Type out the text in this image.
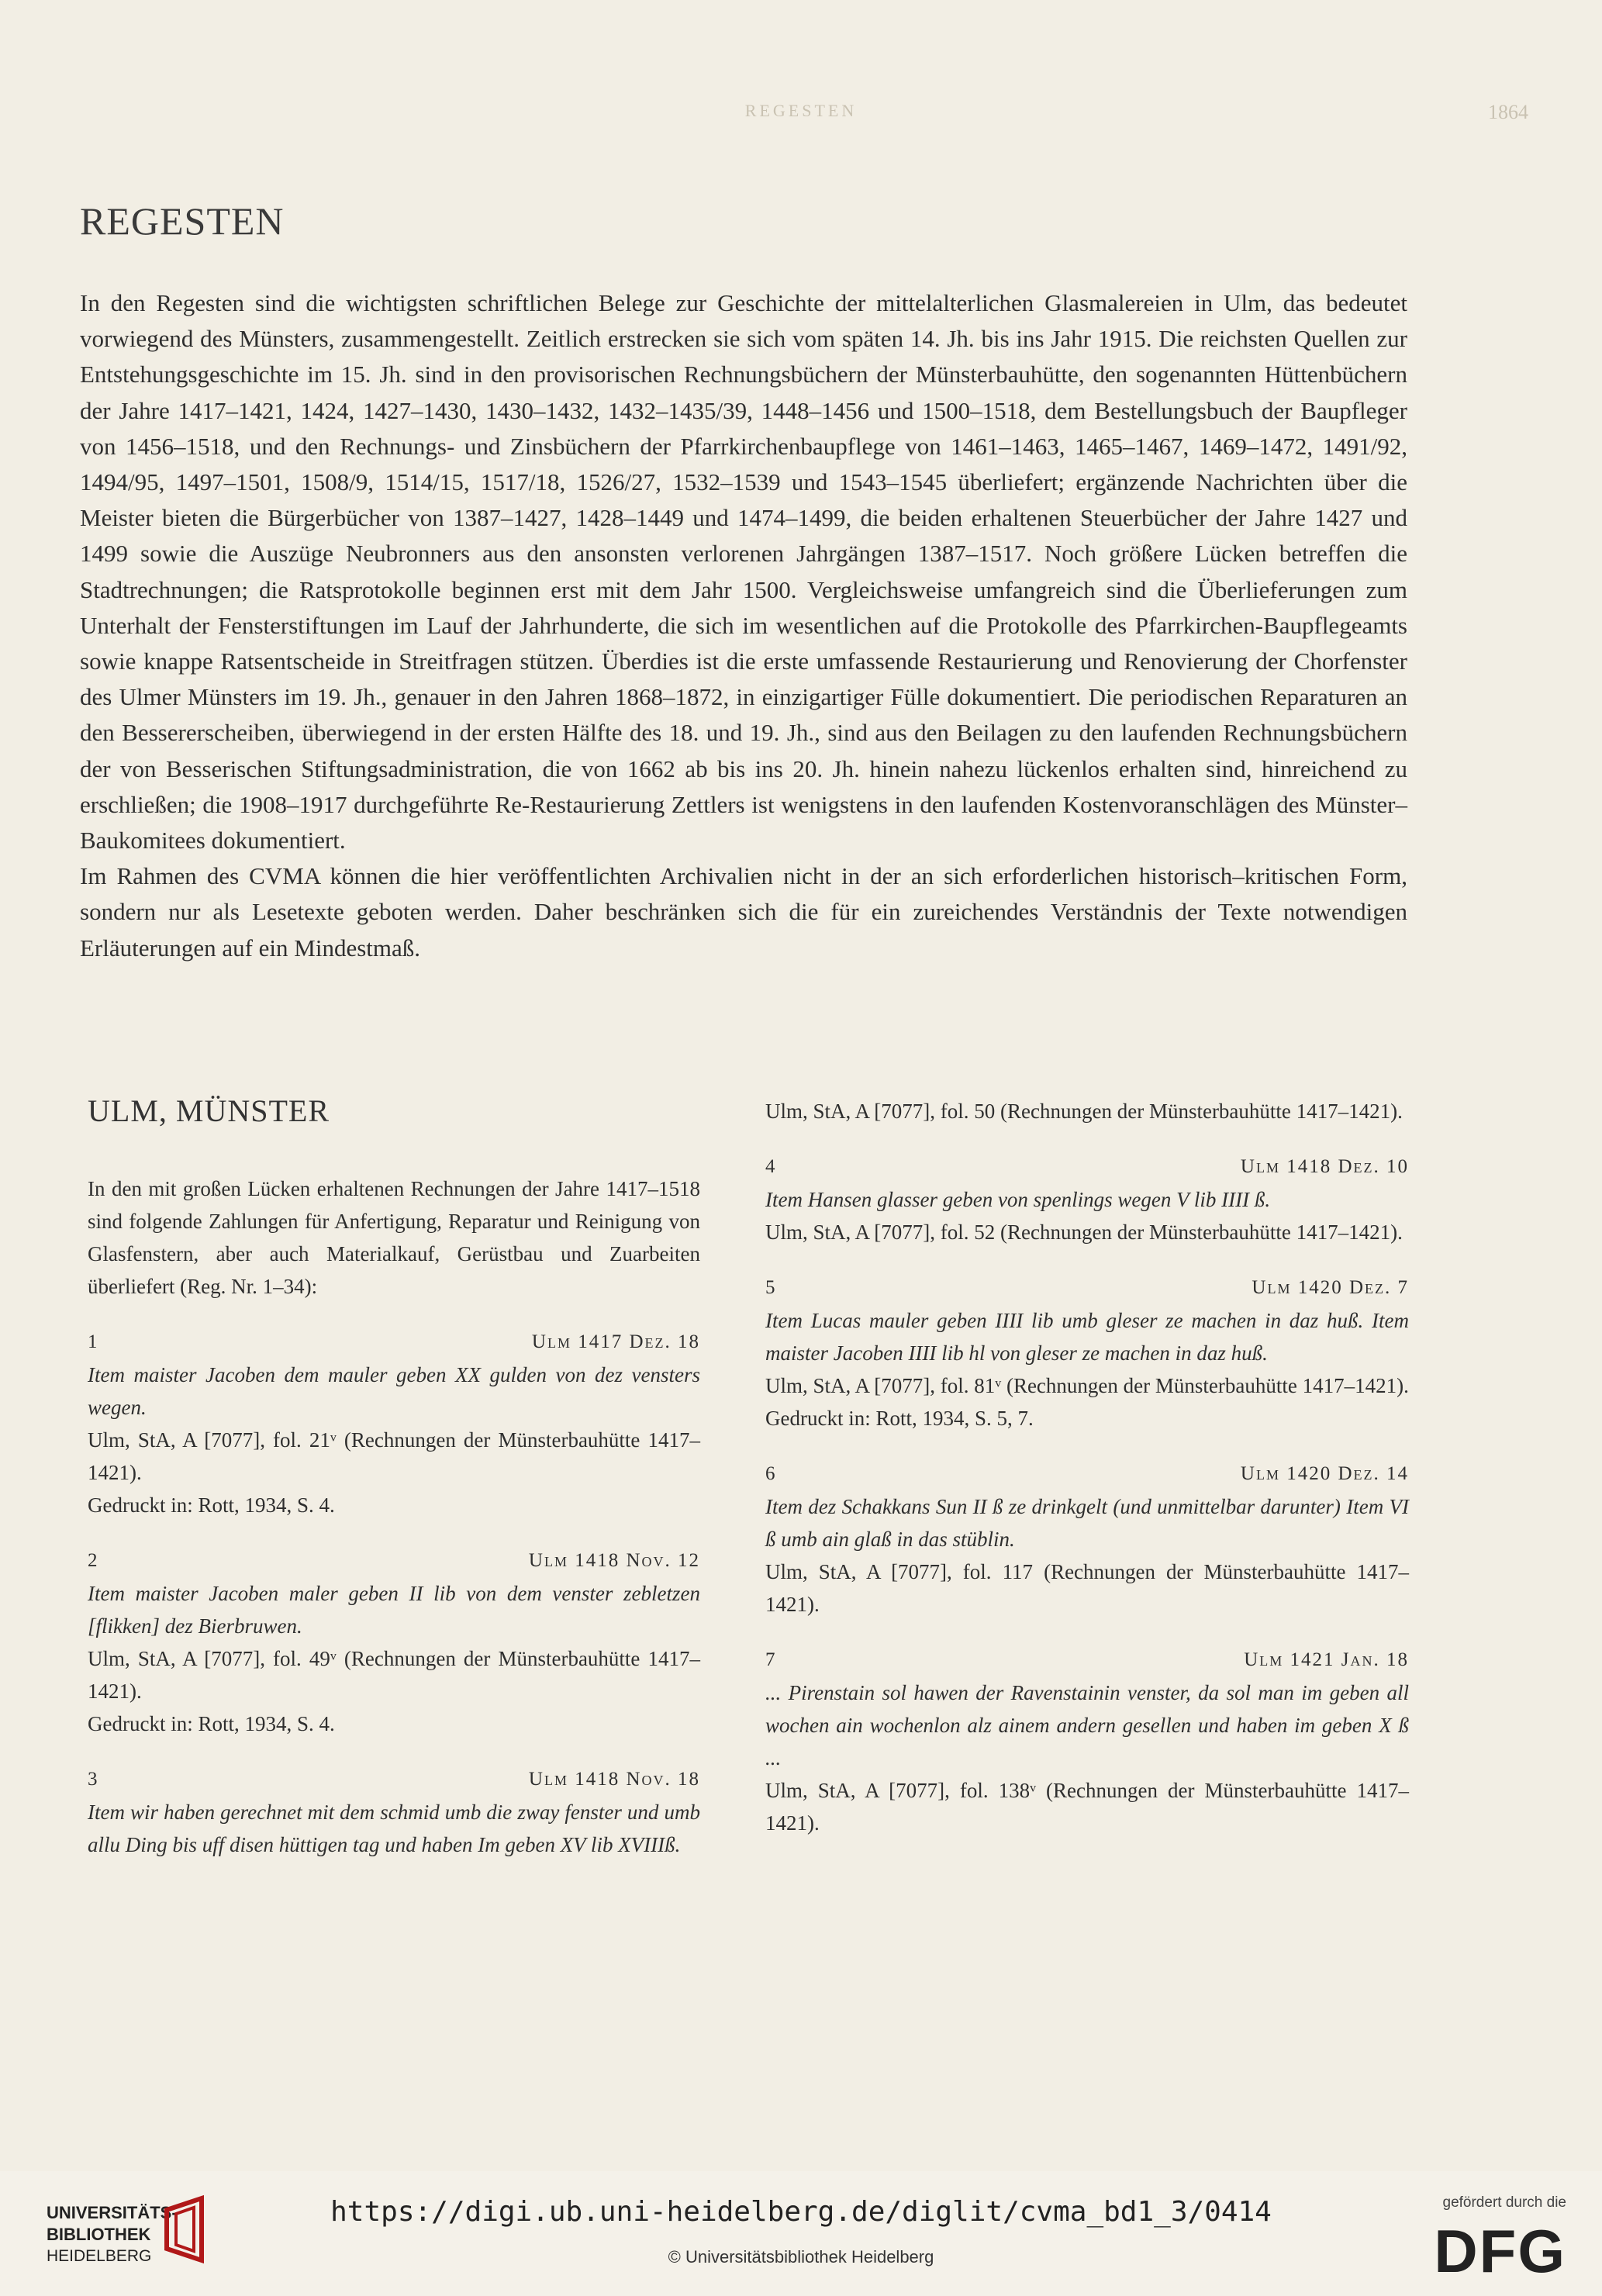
REGESTEN	1864
REGESTEN

In den Regesten sind die wichtigsten schriftlichen Belege zur Geschichte der mittelalterlichen Glasmalereien in Ulm, das bedeutet vorwiegend des Münsters, zusammengestellt. Zeitlich erstrecken sie sich vom späten 14. Jh. bis ins Jahr 1915. Die reichsten Quellen zur Entstehungsgeschichte im 15. Jh. sind in den provisorischen Rechnungsbüchern der Münsterbauhütte, den sogenannten Hüttenbüchern der Jahre 1417–1421, 1424, 1427–1430, 1430–1432, 1432–1435/39, 1448–1456 und 1500–1518, dem Bestellungsbuch der Baupfleger von 1456–1518, und den Rechnungs- und Zinsbüchern der Pfarrkirchenbaupflege von 1461–1463, 1465–1467, 1469–1472, 1491/92, 1494/95, 1497–1501, 1508/9, 1514/15, 1517/18, 1526/27, 1532–1539 und 1543–1545 überliefert; ergänzende Nachrichten über die Meister bieten die Bürgerbücher von 1387–1427, 1428–1449 und 1474–1499, die beiden erhaltenen Steuerbücher der Jahre 1427 und 1499 sowie die Auszüge Neubronners aus den ansonsten verlorenen Jahrgängen 1387–1517. Noch größere Lücken betreffen die Stadtrechnungen; die Ratsprotokolle beginnen erst mit dem Jahr 1500. Vergleichsweise umfangreich sind die Überlieferungen zum Unterhalt der Fensterstiftungen im Lauf der Jahrhunderte, die sich im wesentlichen auf die Protokolle des Pfarrkirchen-Baupflegeamts sowie knappe Ratsentscheide in Streitfragen stützen. Überdies ist die erste umfassende Restaurierung und Renovierung der Chorfenster des Ulmer Münsters im 19. Jh., genauer in den Jahren 1868–1872, in einzigartiger Fülle dokumentiert. Die periodischen Reparaturen an den Bessererscheiben, überwiegend in der ersten Hälfte des 18. und 19. Jh., sind aus den Beilagen zu den laufenden Rechnungsbüchern der von Besserischen Stiftungsadministration, die von 1662 ab bis ins 20. Jh. hinein nahezu lückenlos erhalten sind, hinreichend zu erschließen; die 1908–1917 durchgeführte Re-Restaurierung Zettlers ist wenigstens in den laufenden Kostenvoranschlägen des Münster–Baukomitees dokumentiert.

Im Rahmen des CVMA können die hier veröffentlichten Archivalien nicht in der an sich erforderlichen historisch–kritischen Form, sondern nur als Lesetexte geboten werden. Daher beschränken sich die für ein zureichendes Verständnis der Texte notwendigen Erläuterungen auf ein Mindestmaß.

ULM, MÜNSTER
In den mit großen Lücken erhaltenen Rechnungen der Jahre 1417–1518 sind folgende Zahlungen für Anfertigung, Reparatur und Reinigung von Glasfenstern, aber auch Materialkauf, Gerüstbau und Zuarbeiten überliefert (Reg. Nr. 1–34):
1	Ulm 1417 Dez. 18
Item maister Jacoben dem mauler geben XX gulden von dez vensters wegen.
Ulm, StA, A [7077], fol. 21ᵛ (Rechnungen der Münsterbauhütte 1417–1421).
Gedruckt in: Rott, 1934, S. 4.
2	Ulm 1418 Nov. 12
Item maister Jacoben maler geben II lib von dem venster zebletzen [flikken] dez Bierbruwen.
Ulm, StA, A [7077], fol. 49ᵛ (Rechnungen der Münsterbauhütte 1417–1421).
Gedruckt in: Rott, 1934, S. 4.
3	Ulm 1418 Nov. 18
Item wir haben gerechnet mit dem schmid umb die zway fenster und umb allu Ding bis uff disen hüttigen tag und haben Im geben XV lib XVIIIß.
Ulm, StA, A [7077], fol. 50 (Rechnungen der Münsterbauhütte 1417–1421).
4	Ulm 1418 Dez. 10
Item Hansen glasser geben von spenlings wegen V lib IIII ß.
Ulm, StA, A [7077], fol. 52 (Rechnungen der Münsterbauhütte 1417–1421).
5	Ulm 1420 Dez. 7
Item Lucas mauler geben IIII lib umb gleser ze machen in daz huß. Item maister Jacoben IIII lib hl von gleser ze machen in daz huß.
Ulm, StA, A [7077], fol. 81ᵛ (Rechnungen der Münsterbauhütte 1417–1421).
Gedruckt in: Rott, 1934, S. 5, 7.
6	Ulm 1420 Dez. 14
Item dez Schakkans Sun II ß ze drinkgelt (und unmittelbar darunter) Item VI ß umb ain glaß in das stüblin.
Ulm, StA, A [7077], fol. 117 (Rechnungen der Münsterbauhütte 1417–1421).
7	Ulm 1421 Jan. 18
... Pirenstain sol hawen der Ravenstainin venster, da sol man im geben all wochen ain wochenlon alz ainem andern gesellen und haben im geben X ß ...
Ulm, StA, A [7077], fol. 138ᵛ (Rechnungen der Münsterbauhütte 1417–1421).
UNIVERSITÄTS-
BIBLIOTHEK
HEIDELBERG
https://digi.ub.uni-heidelberg.de/diglit/cvma_bd1_3/0414
© Universitätsbibliothek Heidelberg
gefördert durch die
DFG
